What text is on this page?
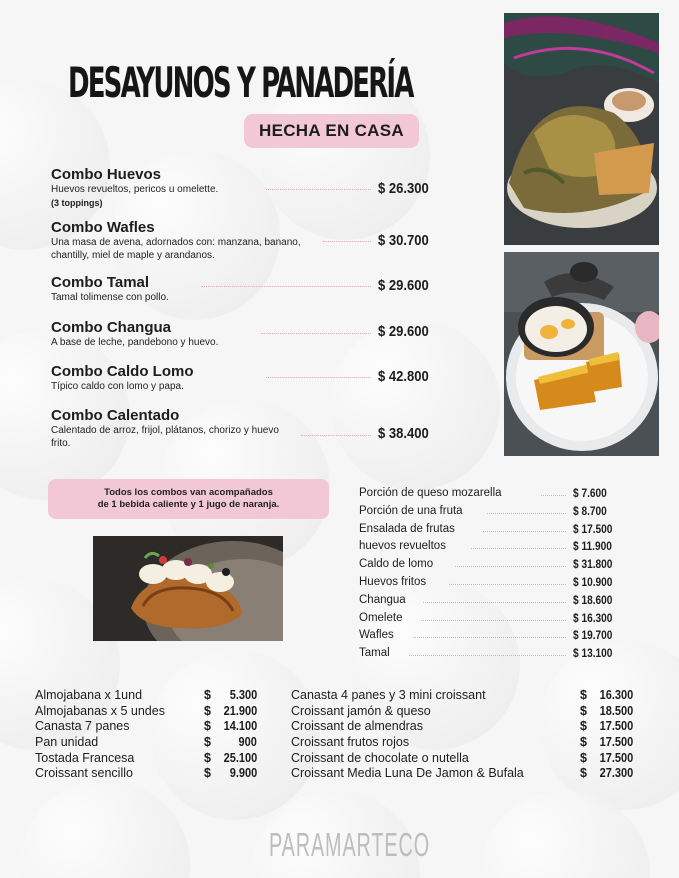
DESAYUNOS Y PANADERÍA
HECHA EN CASA
Combo Huevos
Huevos revueltos, pericos u omelette.
(3 toppings)
$ 26.300
Combo Wafles
Una masa de avena, adornados con: manzana, banano, chantilly, miel de maple y arandanos.
$ 30.700
Combo Tamal
Tamal tolimense con pollo.
$ 29.600
Combo Changua
A base de leche, pandebono y huevo.
$ 29.600
Combo Caldo Lomo
Típico caldo con lomo y papa.
$ 42.800
Combo Calentado
Calentado de arroz, frijol, plátanos, chorizo y huevo frito.
$ 38.400
Todos los combos van acompañados
de 1 bebida caliente y 1 jugo de naranja.
Porción de queso mozarella	$ 7.600
Porción de una fruta	$ 8.700
Ensalada de frutas	$ 17.500
huevos revueltos	$ 11.900
Caldo de lomo	$ 31.800
Huevos fritos	$ 10.900
Changua	$ 18.600
Omelete	$ 16.300
Wafles	$ 19.700
Tamal	$ 13.100
Almojabana x 1und	$ 5.300
Almojabanas x 5 undes	$ 21.900
Canasta 7 panes	$ 14.100
Pan unidad	$ 900
Tostada Francesa	$ 25.100
Croissant sencillo	$ 9.900
Canasta 4 panes y 3 mini croissant	$ 16.300
Croissant jamón & queso	$ 18.500
Croissant de almendras	$ 17.500
Croissant frutos rojos	$ 17.500
Croissant de chocolate o nutella	$ 17.500
Croissant Media Luna De Jamon & Bufala	$ 27.300
PARAMARTECO
